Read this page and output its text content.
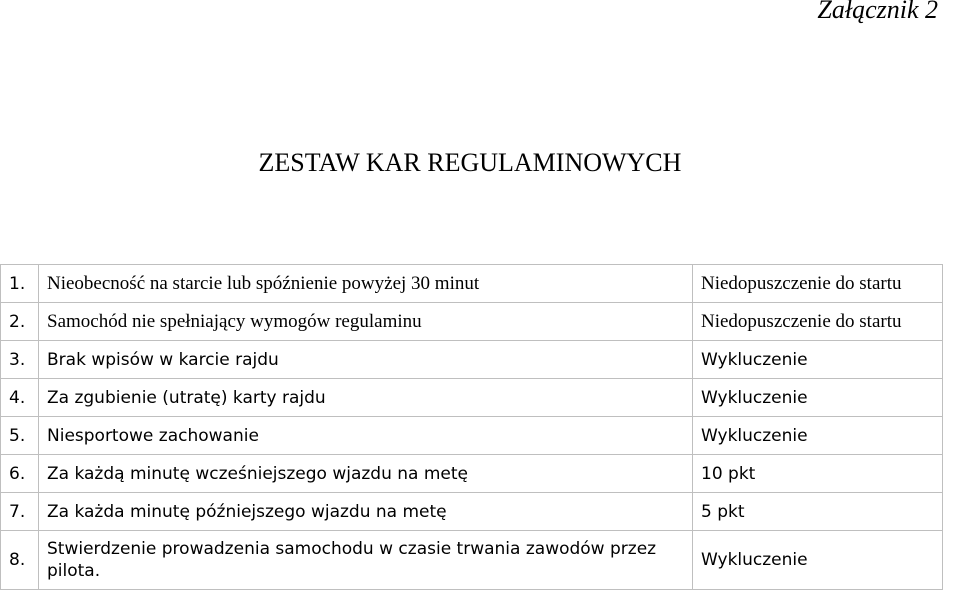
Załącznik 2
ZESTAW KAR REGULAMINOWYCH
1.	Nieobecność na starcie lub spóźnienie powyżej 30 minut	Niedopuszczenie do startu
2.	Samochód nie spełniający wymogów regulaminu	Niedopuszczenie do startu
3.	Brak wpisów w karcie rajdu	Wykluczenie
4.	Za zgubienie (utratę) karty rajdu	Wykluczenie
5.	Niesportowe zachowanie	Wykluczenie
6.	Za każdą minutę wcześniejszego wjazdu na metę	10 pkt
7.	Za każda minutę późniejszego wjazdu na metę	5 pkt
8.	Stwierdzenie prowadzenia samochodu w czasie trwania zawodów przez pilota.	Wykluczenie
